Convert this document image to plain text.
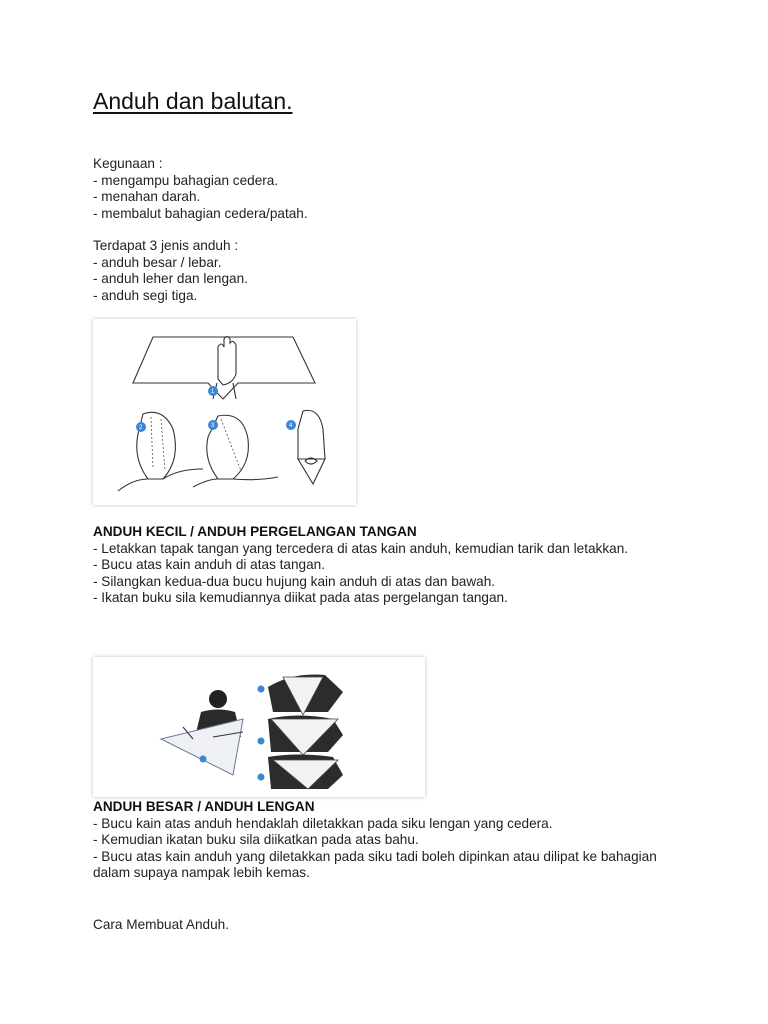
Anduh dan balutan.

Kegunaan :

- mengampu bahagian cedera.

- menahan darah.

- membalut bahagian cedera/patah.

Terdapat 3 jenis anduh :

- anduh besar / lebar.

- anduh leher dan lengan.

- anduh segi tiga.

1
2	3	4

ANDUH KECIL / ANDUH PERGELANGAN TANGAN

- Letakkan tapak tangan yang tercedera di atas kain anduh, kemudian tarik dan letakkan.

- Bucu atas kain anduh di atas tangan.

- Silangkan kedua-dua bucu hujung kain anduh di atas dan bawah.

- Ikatan buku sila kemudiannya diikat pada atas pergelangan tangan.

ANDUH BESAR / ANDUH LENGAN

- Bucu kain atas anduh hendaklah diletakkan pada siku lengan yang cedera.

- Kemudian ikatan buku sila diikatkan pada atas bahu.

- Bucu atas kain anduh yang diletakkan pada siku tadi boleh dipinkan atau dilipat ke bahagian dalam supaya nampak lebih kemas.

Cara Membuat Anduh.
